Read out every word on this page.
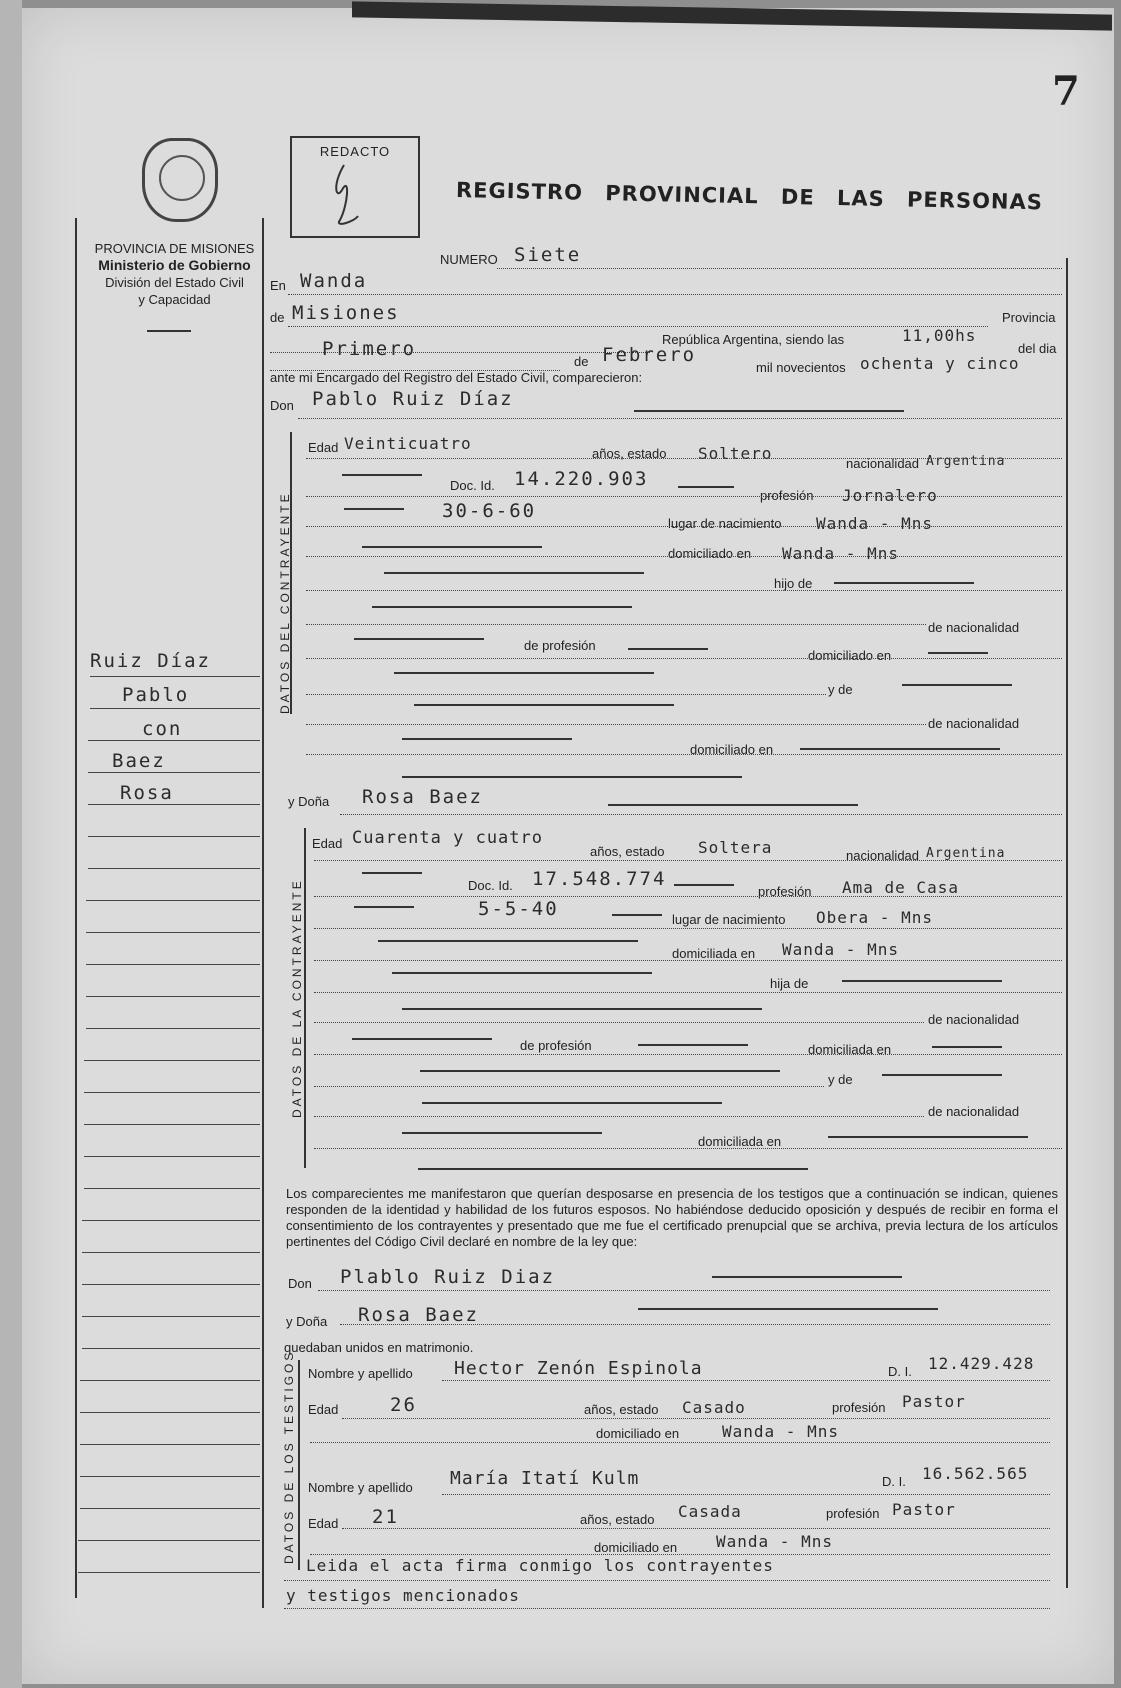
7
PROVINCIA DE MISIONES
Ministerio de Gobierno
División del Estado Civil
y Capacidad
REDACTO
REGISTRO PROVINCIAL DE LAS PERSONAS
Ruiz Díaz
Pablo
con
Baez
Rosa
NUMERO Siete
En Wanda
de Misiones	Provincia
República Argentina, siendo las	11,00hs
del dia
Primero
de Febrero
mil novecientos ochenta y cinco
ante mi Encargado del Registro del Estado Civil, comparecieron:
Don Pablo Ruiz Díaz
DATOS DEL CONTRAYENTE
Edad Veinticuatro
años, estado Soltero
nacionalidad Argentina
Doc. Id. 14.220.903
profesión Jornalero
30-6-60
lugar de nacimiento Wanda - Mns
domiciliado en Wanda - Mns
hijo de
de nacionalidad
de profesión
domiciliado en
y de
de nacionalidad
domiciliado en
y Doña Rosa Baez
DATOS DE LA CONTRAYENTE
Edad Cuarenta y cuatro
años, estado Soltera	nacionalidad Argentina
Doc. Id. 17.548.774
profesión Ama de Casa
5-5-40	lugar de nacimiento Obera - Mns
domiciliada en Wanda - Mns
hija de
de nacionalidad
de profesión	domiciliada en
y de
de nacionalidad
domiciliada en
Los comparecientes me manifestaron que querían desposarse en presencia de los testigos que a continuación se indican, quienes responden de la identidad y habilidad de los futuros esposos. No habiéndose deducido oposición y después de recibir en forma el consentimiento de los contrayentes y presentado que me fue el certificado prenupcial que se archiva, previa lectura de los artículos pertinentes del Código Civil declaré en nombre de la ley que:
Don Plablo Ruiz Diaz
y Doña Rosa Baez
quedaban unidos en matrimonio.
DATOS DE LOS TESTIGOS Nombre y apellido Hector Zenón Espinola	D. I. 12.429.428
Edad	26	años, estado Casado	profesión Pastor
domiciliado en	Wanda - Mns
Nombre y apellido María Itatí Kulm	D. I. 16.562.565
Edad 21	años, estado Casada	profesión Pastor
domiciliado en Wanda - Mns
Leida el acta firma conmigo los contrayentes
y testigos mencionados
